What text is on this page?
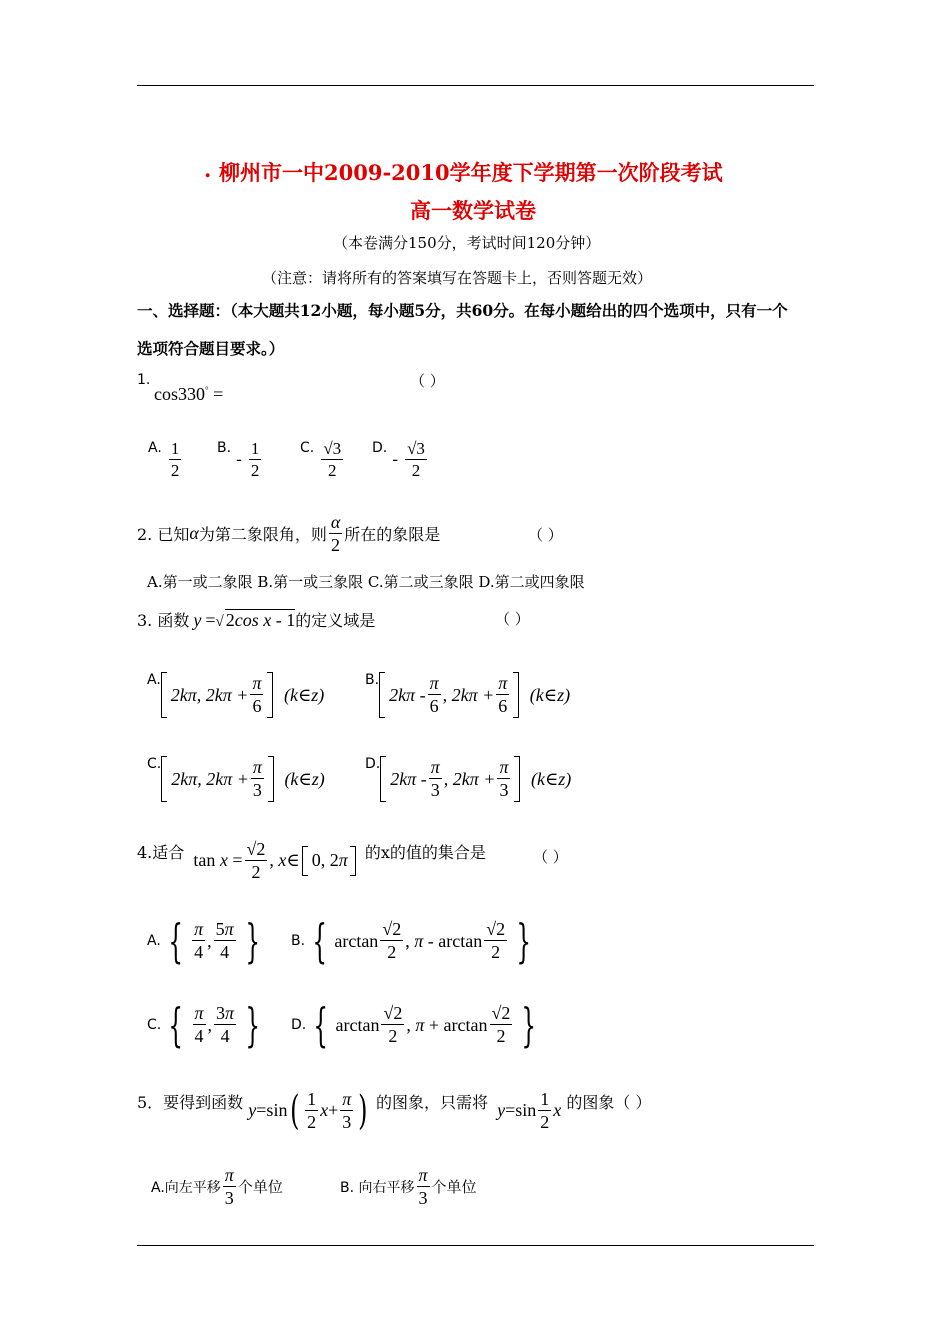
. 柳州市一中2009-2010学年度下学期第一次阶段考试
高一数学试卷
（本卷满分150分，考试时间120分钟）
（注意：请将所有的答案填写在答题卡上，否则答题无效）
一、选择题：（本大题共12小题，每小题5分，共60分。在每小题给出的四个选项中，只有一个
选项符合题目要求。）
1.
cos330° =
（ ）
A. $\frac{1}{2}$	B. - $\frac{1}{2}$	C. $\frac{√3}{2} D$. - $\frac{√3}{2}$
2. 已知α为第二象限角，则 $\frac{\alpha}{2}$ 所在的象限是	（ ）
A.第一或二象限 B.第一或三象限 C.第二或三象限 D.第二或四象限
3. 函数 y =√ 2cos x - 1的定义域是	（ ）
A.2kπ, $2k\pi + \frac{\pi}{6}$ (k∈z)
$B.2k\pi - \frac{\pi}{6}$ , $2k\pi + \frac{\pi}{6}$ (k∈z)
C.2kπ, $2k\pi + \frac{\pi}{3}$ (k∈z)
$D.2k\pi - \frac{\pi}{3}$ , $2k\pi + \frac{\pi}{3}$ (k∈z)
4.适合 $\tan x = \frac{√2}{2}$ , x∈ 0, 2π 的x的值的集合是	（ ）
A. { $\frac{\pi}{4}$ , $\frac{5\pi}{4}$ }	B. { $\arctan \frac{√2}{2}$ , π - $\arctan \frac{√2}{2}$ }
C. { $\frac{\pi}{4}$ , $\frac{3\pi}{4}$ }	D. { $\arctan \frac{√2}{2}$ , $\pi + \arctan \frac{√2}{2}$ }
5．要得到函数 $y=\sin( \frac{1}{2} x+ \frac{\pi}{3}$ ) 的图象，只需将 $y=\sin \frac{1}{2}$ x 的图象（ ）
A.向左平移 $\frac{\pi}{3}$ 个单位	B. 向右平移 $\frac{\pi}{3}$ 个单位
